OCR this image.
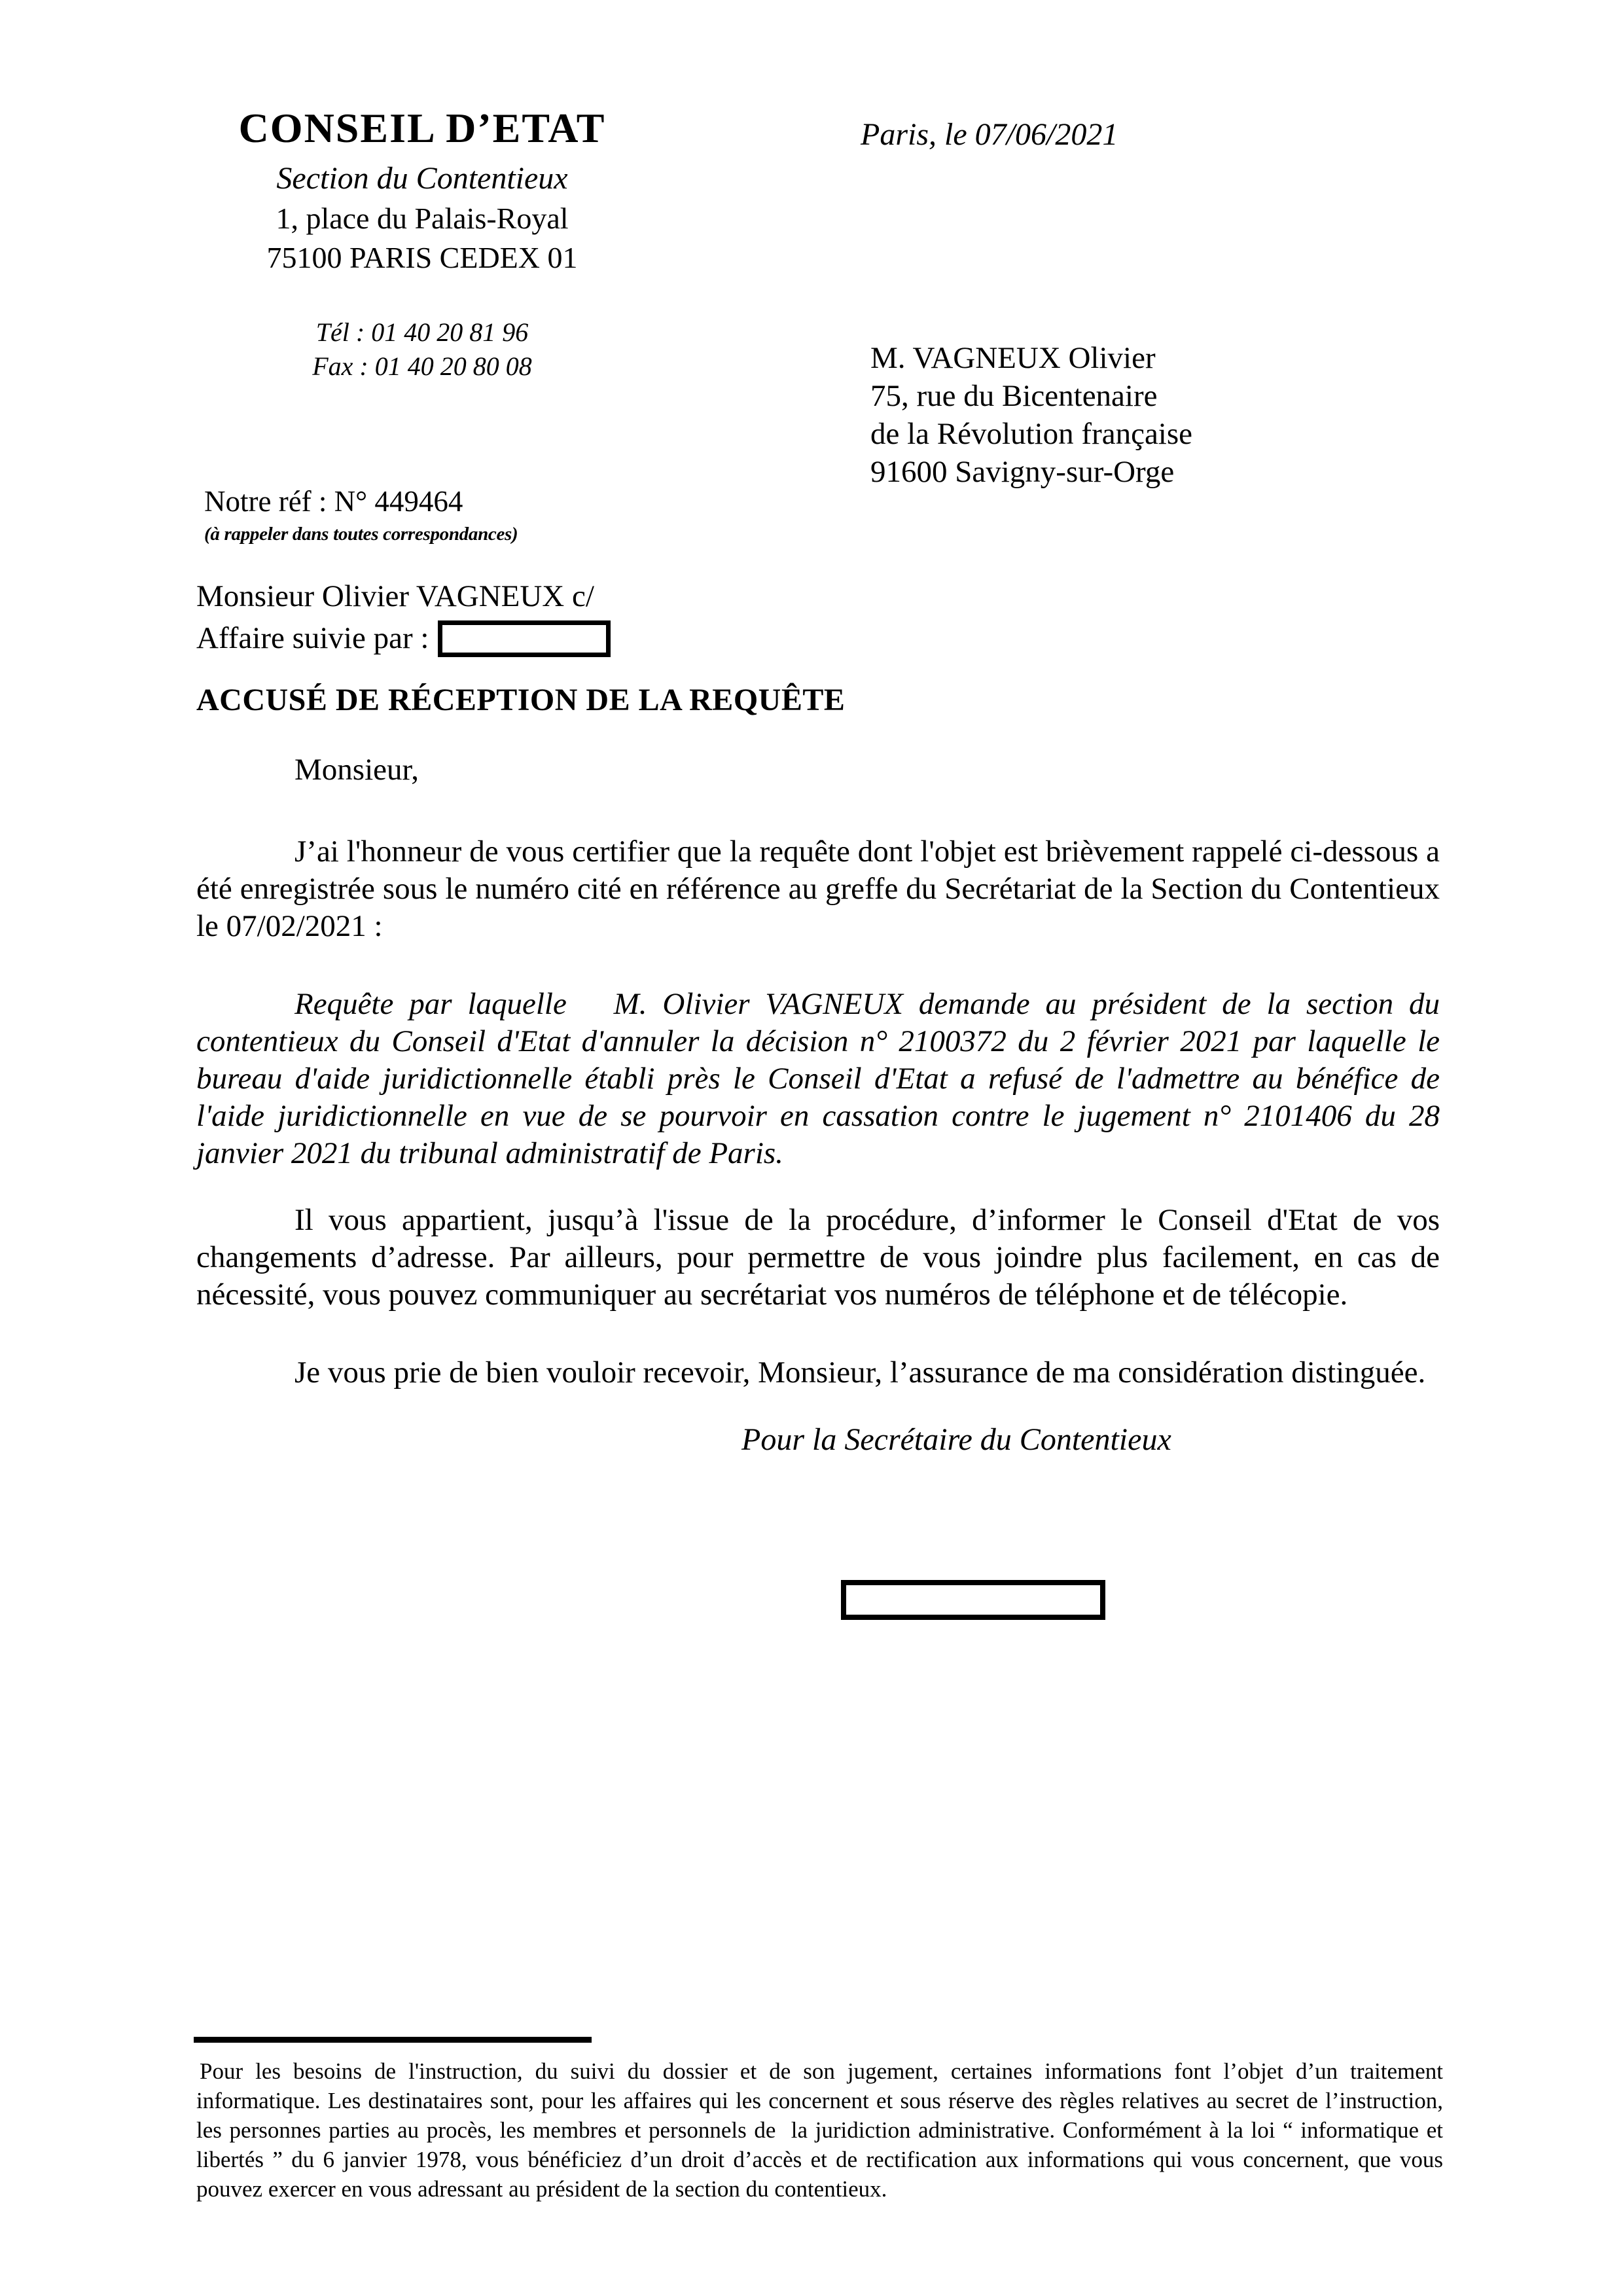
CONSEIL D’ETAT
Section du Contentieux
1, place du Palais-Royal
75100 PARIS CEDEX 01
Tél : 01 40 20 81 96
Fax : 01 40 20 80 08
Paris, le 07/06/2021
M. VAGNEUX Olivier
75, rue du Bicentenaire
de la Révolution française
91600 Savigny-sur-Orge
Notre réf : N° 449464
(à rappeler dans toutes correspondances)
Monsieur Olivier VAGNEUX c/
Affaire suivie par :
ACCUSÉ DE RÉCEPTION DE LA REQUÊTE

Monsieur,

J’ai l'honneur de vous certifier que la requête dont l'objet est brièvement rappelé ci-dessous a été enregistrée sous le numéro cité en référence au greffe du Secrétariat de la Section du Contentieux le 07/02/2021 :

Requête par laquelle   M. Olivier VAGNEUX demande au président de la section du contentieux du Conseil d'Etat d'annuler la décision n° 2100372 du 2 février 2021 par laquelle le bureau d'aide juridictionnelle établi près le Conseil d'Etat a refusé de l'admettre au bénéfice de l'aide juridictionnelle en vue de se pourvoir en cassation contre le jugement n° 2101406 du 28 janvier 2021 du tribunal administratif de Paris.

Il vous appartient, jusqu’à l'issue de la procédure, d’informer le Conseil d'Etat de vos changements d’adresse. Par ailleurs, pour permettre de vous joindre plus facilement, en cas de nécessité, vous pouvez communiquer au secrétariat vos numéros de téléphone et de télécopie.

Je vous prie de bien vouloir recevoir, Monsieur, l’assurance de ma considération distinguée.

Pour la Secrétaire du Contentieux
Pour les besoins de l'instruction, du suivi du dossier et de son jugement, certaines informations font l’objet d’un traitement informatique. Les destinataires sont, pour les affaires qui les concernent et sous réserve des règles relatives au secret de l’instruction, les personnes parties au procès, les membres et personnels de  la juridiction administrative. Conformément à la loi “ informatique et libertés ” du 6 janvier 1978, vous bénéficiez d’un droit d’accès et de rectification aux informations qui vous concernent, que vous pouvez exercer en vous adressant au président de la section du contentieux.
